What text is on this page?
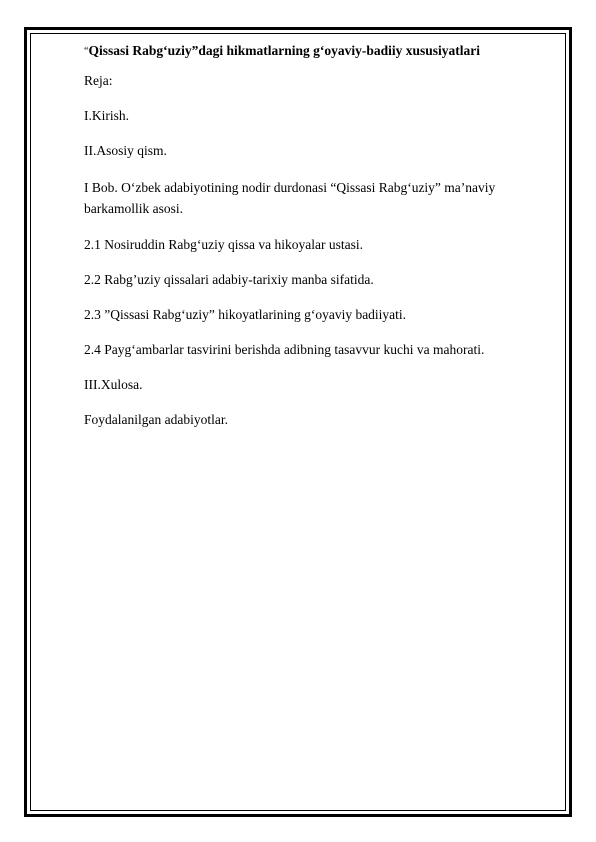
“Qissasi Rabg‘uziy”dagi hikmatlarning g‘oyaviy-badiiy xususiyatlari

Reja:

I.Kirish.

II.Asosiy qism.

I Bob. O‘zbek adabiyotining nodir durdonasi “Qissasi Rabg‘uziy” ma’naviy barkamollik asosi.

2.1 Nosiruddin Rabg‘uziy qissa va hikoyalar ustasi.

2.2 Rabg’uziy qissalari adabiy-tarixiy manba sifatida.

2.3 ”Qissasi Rabg‘uziy” hikoyatlarining g‘oyaviy badiiyati.

2.4 Payg‘ambarlar tasvirini berishda adibning tasavvur kuchi va mahorati.

III.Xulosa.

Foydalanilgan adabiyotlar.
